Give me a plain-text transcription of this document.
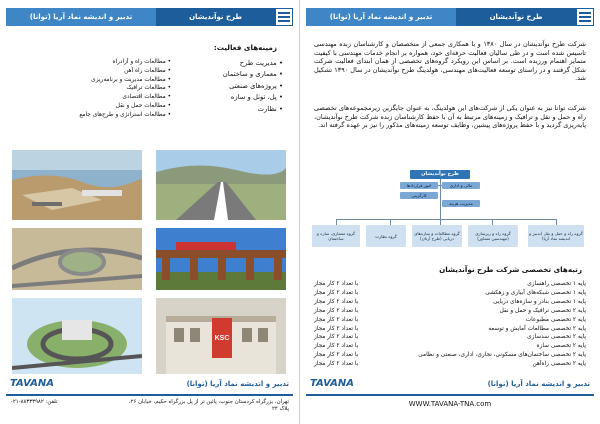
تدبیر و اندیشه نماد آریا (توانا)	طرح نوآندیشان
زمینه‌های فعالیت:
• مدیریت طرح
• معماری و ساختمان
• پروژه‌های صنعتی
• پل، تونل و سازه
• نظارت
• مطالعات راه و آزادراه
• مطالعات راه آهن
• مطالعات مدیریت و برنامه‌ریزی
• مطالعات ترافیک
• مطالعات اقتصادی
• مطالعات حمل و نقل
• مطالعات استراتژی و طرح‌های جامع
KSC
تدبیر و اندیشه نماد آریا (توانا)
TAVANA
تهران، بزرگراه کردستان جنوب، پائین تر از پل بزرگراه حکیم، خیابان ۲۶، پلاک ۲۴
تلفن: ۸۸۳۳۳۹۸۲-۰۲۱
تدبیر و اندیشه نماد آریا (توانا)	طرح نوآندیشان
شرکت طرح نوآندیشان در سال ۱۳۸۰ و با همکاری جمعی از متخصصان و کارشناسان زبده مهندسی تاسیس شده است و در طی سالیان فعالیت حرفه‌ای خود، همواره بر انجام خدمات مهندسی با کیفیت متمایز اهتمام ورزیده است. بر اساس این رویکرد گروه‌های تخصصی از همان ابتدای فعالیت شرکت شکل گرفتند و در راستای توسعه فعالیت‌های مهندسی، هولدینگ طرح نوآندیشان در سال ۱۳۹۰ تشکیل شد.
شرکت توانا نیز به عنوان یکی از شرکت‌های این هولدینگ، به عنوان جایگزین زیرمجموعه‌های تخصصی راه و حمل و نقل و ترافیک و زمینه‌های مرتبط به آن با حفظ کارشناسان زبده شرکت طرح نوآندیشان، پایه‌ریزی گردید و با حفظ پروژه‌های پیشین، وظایف توسعه زمینه‌های مذکور را نیز بر عهده گرفته اند.
طرح نوآندیشان
مالی و اداری
امور قراردادها
کارگزینی
مدیریت هزینه
گروه راه و حمل و نقل (تدبیر و اندیشه نماد آریا)
گروه راه و زیرسازی (مهندسین مشاور)
گروه مطالعات و سازه‌های دریایی (طرح آرتان)
گروه نظارت
گروه معماری، سازه و ساختمان
رتبه‌های تخصصی شرکت طرح نوآندیشان
پایه ۱ تخصصی راهسازی
با تعداد ۲ کار مجاز
پایه ۱ تخصصی شبکه‌های آبیاری و زهکشی
با تعداد ۲ کار مجاز
پایه ۱ تخصصی بنادر و سازه‌های دریایی
با تعداد ۲ کار مجاز
پایه ۲ تخصصی ترافیک و حمل و نقل
با تعداد ۲ کار مجاز
پایه ۲ تخصصی مطبوعات
با تعداد ۲ کار مجاز
پایه ۲ تخصصی مطالعات آمایش و توسعه
با تعداد ۲ کار مجاز
پایه ۲ تخصصی سدسازی
با تعداد ۲ کار مجاز
پایه ۲ تخصصی سازه
با تعداد ۲ کار مجاز
پایه ۲ تخصصی ساختمان‌های مسکونی، تجاری، اداری، صنعتی و نظامی
با تعداد ۲ کار مجاز
پایه ۲ تخصصی راه‌آهن
با تعداد ۲ کار مجاز
تدبیر و اندیشه نماد آریا (توانا)
TAVANA
WWW.TAVANA-TNA.com
